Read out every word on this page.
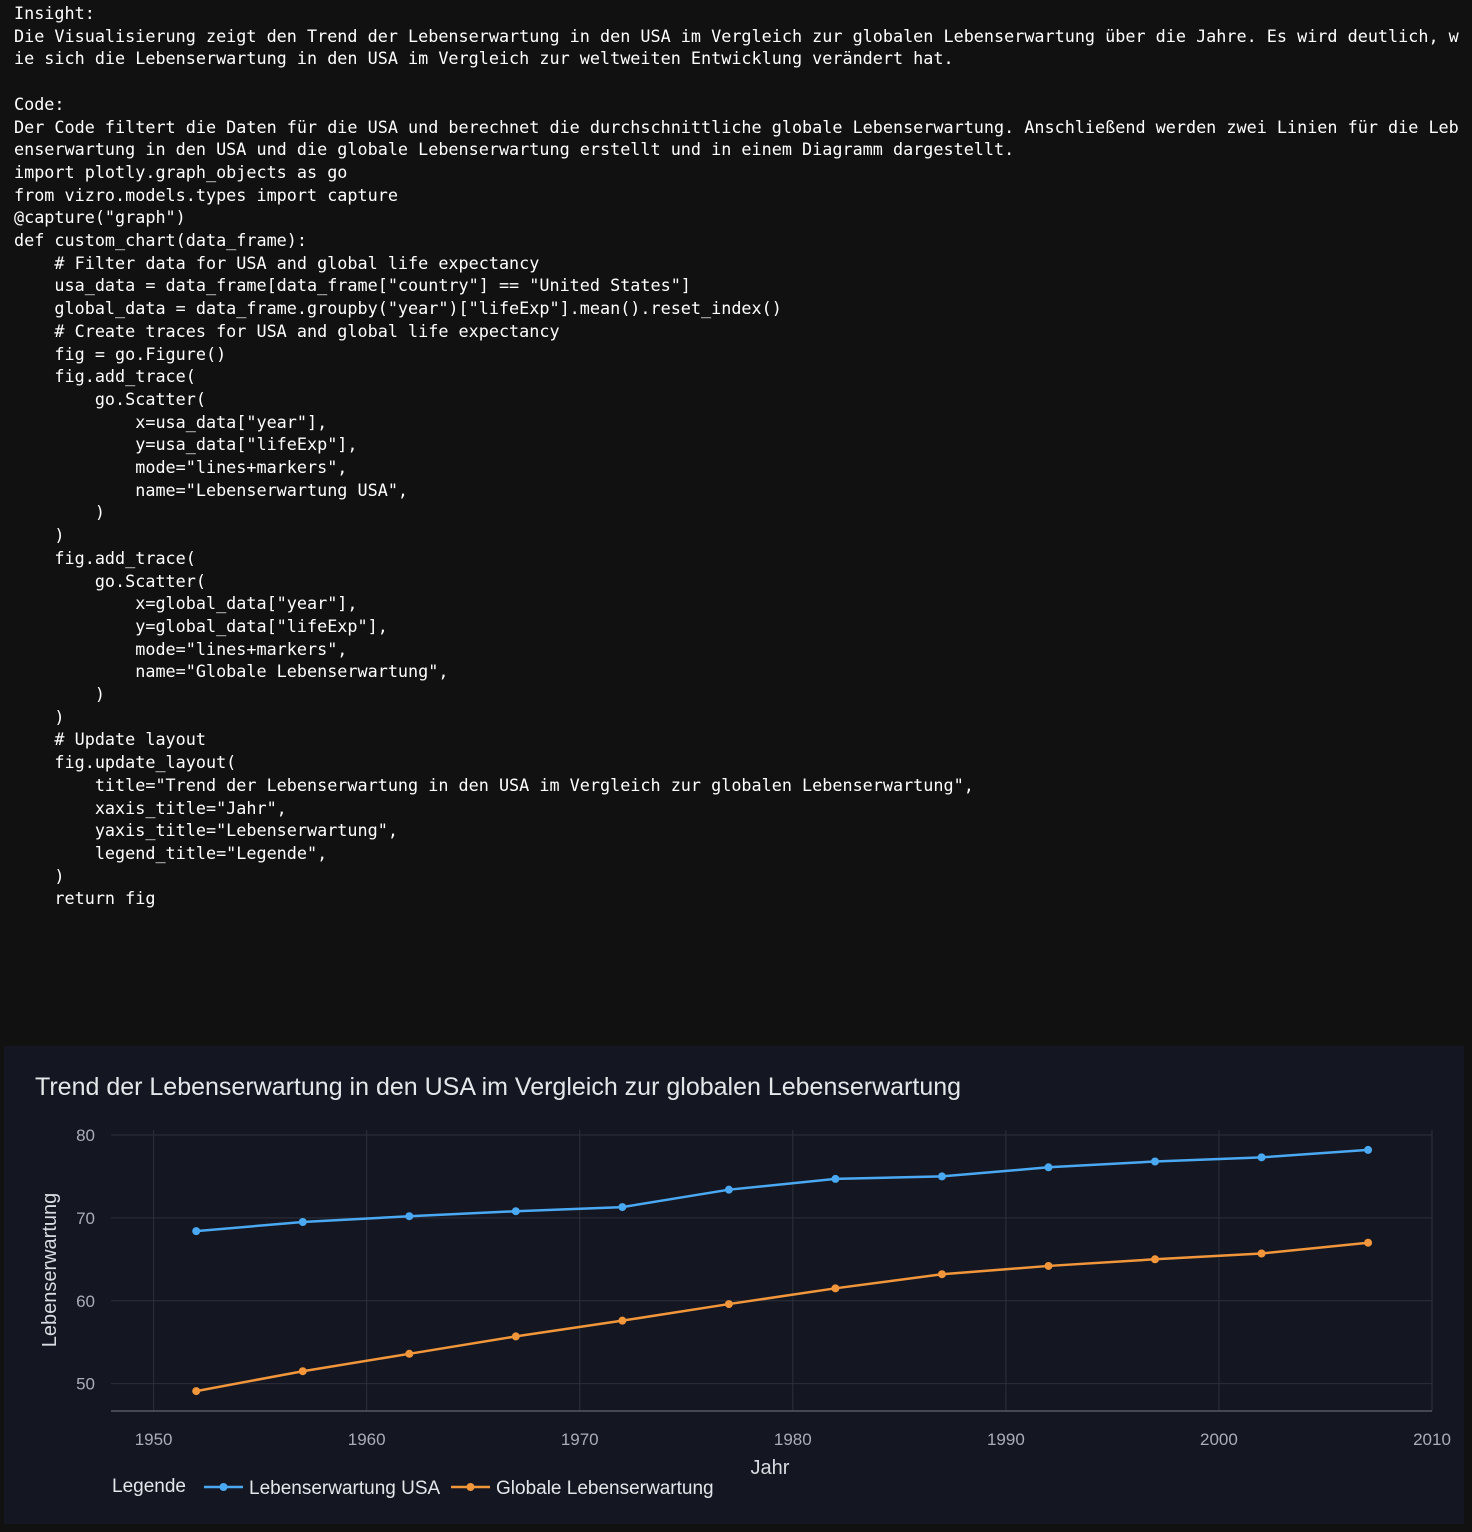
Insight:
Die Visualisierung zeigt den Trend der Lebenserwartung in den USA im Vergleich zur globalen Lebenserwartung über die Jahre. Es wird deutlich, wie sich die Lebenserwartung in den USA im Vergleich zur weltweiten Entwicklung verändert hat.
Code:
Der Code filtert die Daten für die USA und berechnet die durchschnittliche globale Lebenserwartung. Anschließend werden zwei Linien für die Lebenserwartung in den USA und die globale Lebenserwartung erstellt und in einem Diagramm dargestellt.
import plotly.graph_objects as go
from vizro.models.types import capture
@capture("graph")
def custom_chart(data_frame):
# Filter data for USA and global life expectancy
usa_data = data_frame[data_frame["country"] == "United States"]
global_data = data_frame.groupby("year")["lifeExp"].mean().reset_index()
# Create traces for USA and global life expectancy
fig = go.Figure()
fig.add_trace(
go.Scatter(
x=usa_data["year"],
y=usa_data["lifeExp"],
mode="lines+markers",
name="Lebenserwartung USA",
)
)
fig.add_trace(
go.Scatter(
x=global_data["year"],
y=global_data["lifeExp"],
mode="lines+markers",
name="Globale Lebenserwartung",
)
)
# Update layout
fig.update_layout(
title="Trend der Lebenserwartung in den USA im Vergleich zur globalen Lebenserwartung",
xaxis_title="Jahr",
yaxis_title="Lebenserwartung",
legend_title="Legende",
)
return fig
Trend der Lebenserwartung in den USA im Vergleich zur globalen Lebenserwartung
1950	1960	1970	1980	1990	2000	2010
50
60
70
80
Jahr
Lebenserwartung
Legende	Lebenserwartung USA	Globale Lebenserwartung
